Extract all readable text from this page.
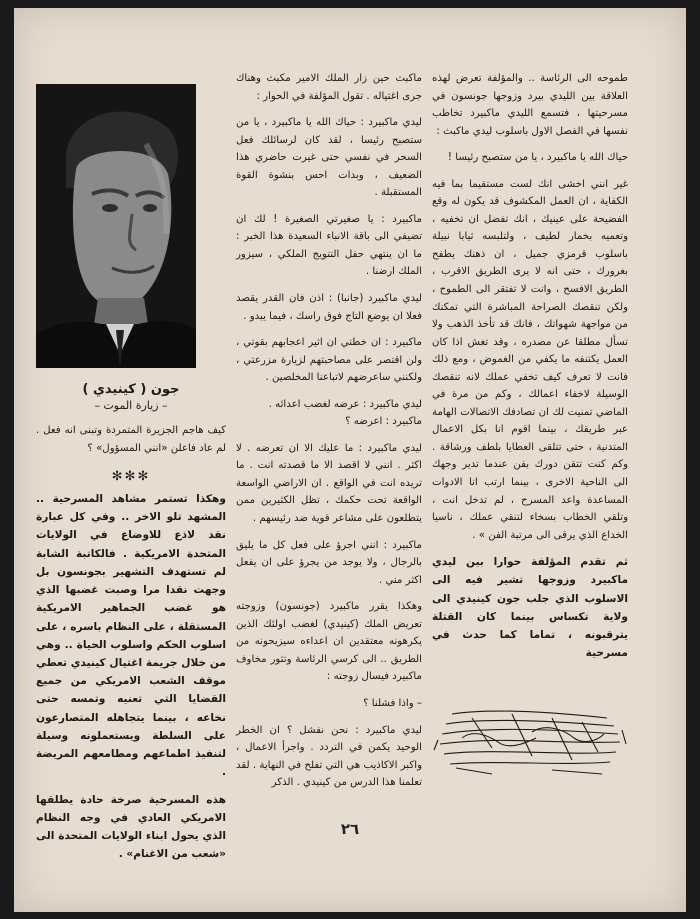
طموحه الى الرئاسة .. والمؤلفة تعرض لهذه العلاقة بين الليدي بيرد وزوجها جونسون في مسرحيتها ، فتسمع الليدي ماكبيرد تخاطب نفسها في الفصل الاول باسلوب ليدي ماكبث :

حياك الله يا ماكبيرد ، يا من ستصبح رئيسا !

غير انني اخشى انك لست مستقيما بما فيه الكفاية ، ان العمل المكشوف قد يكون له وقع الفضيحة على عينيك ، انك تفضل ان تخفيه ، وتعميه بخمار لطيف ، ولتلبسه ثيابا نبيلة باسلوب قرمزي جميل ، ان ذهنك يطفح بغرورك ، حتى انه لا يرى الطريق الاقرب ، الطريق الافسح ، وانت لا تفتقر الى الطموح ، ولكن تنقصك الصراحة المباشرة التي تمكنك من مواجهة شهواتك ، فانك قد تأخذ الذهب ولا تسأل مطلقا عن مصدره ، وقد تغش اذا كان العمل يكتنفه ما يكفي من الغموض ، ومع ذلك فانت لا تعرف كيف تخفي عملك لانه تنقصك الوسيلة لاخفاء اعمالك ، وكم من مرة في الماضي تمنيت لك ان تصادفك الاتصالات الهامة عبر طريقك ، بينما اقوم انا بكل الاعمال المتدنية ، حتى تتلقى العطايا بلطف ورشاقة . وكم كنت تتقن دورك بفن عندما تدير وجهك الى الناحية الاخرى ، بينما ارتب انا الادوات المساعدة واعد المسرح ، لم تدخل انت ، وتلقي الخطاب بسخاء لتنقي عملك ، ناسيا الخداع الذي يرقى الى مرتبة الفن » .

ثم تقدم المؤلفة حوارا بين ليدي ماكبيرد وزوجها تشير فيه الى الاسلوب الذي جلب جون كينيدي الى ولاية تكساس بينما كان القتلة يترقبونه ، تماما كما حدث في مسرحية

ماكبث حين زار الملك الامير مكبث وهناك جرى اغتياله . تقول المؤلفة في الحوار :

ليدي ماكبيرد : حياك الله يا ماكبيرد ، يا من ستصبح رئيسا ، لقد كان لرسائلك فعل السحر في نفسي حتى غيرت حاضري هذا الضعيف ، وبدات احس بنشوة القوة المستقبلة .

ماكبيرد : يا صغيرتي الصغيرة ! لك ان تضيفي الى باقة الانباء السعيدة هذا الخبر : ما ان ينتهي حفل التتويج الملكي ، سيزور الملك ارضنا .

ليدي ماكبيرد (جانبا) : اذن فان القدر يقصد فعلا ان يوضع التاج فوق راسك ، فيما يبدو .

ماكبيرد : ان خطتي ان اثير اعجابهم بقوتي ، ولن اقتصر على مصاحبتهم لزيارة مزرعتي ، ولكنني ساعرضهم لاتباعنا المخلصين .

ليدي ماكبيرد : عرضه لغضب اعدائه .

ماكبيرد : اعرضه ؟

ليدي ماكبيرد : ما عليك الا ان تعرضه . لا اكثر . انني لا اقصد الا ما قصدته انت . ما تريده انت في الواقع . ان الاراضي الواسعة الواقعة تحت حكمك ، تظل الكثيرين ممن يتطلعون على مشاعر قوية ضد رئيسهم .

ماكبيرد : انني اجرؤ على فعل كل ما يليق بالرجال ، ولا يوجد من يجرؤ على ان يفعل اكثر مني .

وهكذا يقرر ماكبيرد (جونسون) وزوجته تعريض الملك (كينيدي) لغضب اولئك الذين يكرهونه معتقدين ان اعداءه سيزيحونه من الطريق .. الى كرسي الرئاسة وتثور مخاوف ماكبيرد فيسال زوجته :

– واذا فشلنا ؟

ليدي ماكبيرد : نحن نفشل ؟ ان الخطر الوحيد يكمن في التردد . واجرأ الاعمال ، واكبر الاكاذيب هي التي تفلح في النهاية . لقد تعلمنا هذا الدرس من كينيدي . الذكر

جون ( كينيدي )
– زيارة الموت –

كيف هاجم الجزيرة المتمردة وتبنى انه فعل . لم عاد فاعلن «انني المسؤول» ؟

✻✻✻

وهكذا تستمر مشاهد المسرحية .. المشهد تلو الاخر .. وفي كل عبارة نقد لاذع للاوضاع في الولايات المتحدة الامريكية . فالكاتبة الشابة لم تستهدف التشهير بجونسون بل وجهت نقدا مرا وصبت غضبها الذي هو غضب الجماهير الامريكية المستقلة ، على النظام باسره ، على اسلوب الحكم واسلوب الحياة .. وهي من خلال جريمة اغتيال كينيدي تعطي موقف الشعب الامريكي من جميع القضايا التي تعنيه وتمسه حتى نخاعه ، بينما يتجاهله المتصارعون على السلطة ويستعملونه وسيلة لتنفيذ اطماعهم ومطامعهم المريضة .

هذه المسرحية صرخة حادة يطلقها الامريكي العادي في وجه النظام الذي يحول ابناء الولايات المتحدة الى «شعب من الاغنام» .

٢٦
